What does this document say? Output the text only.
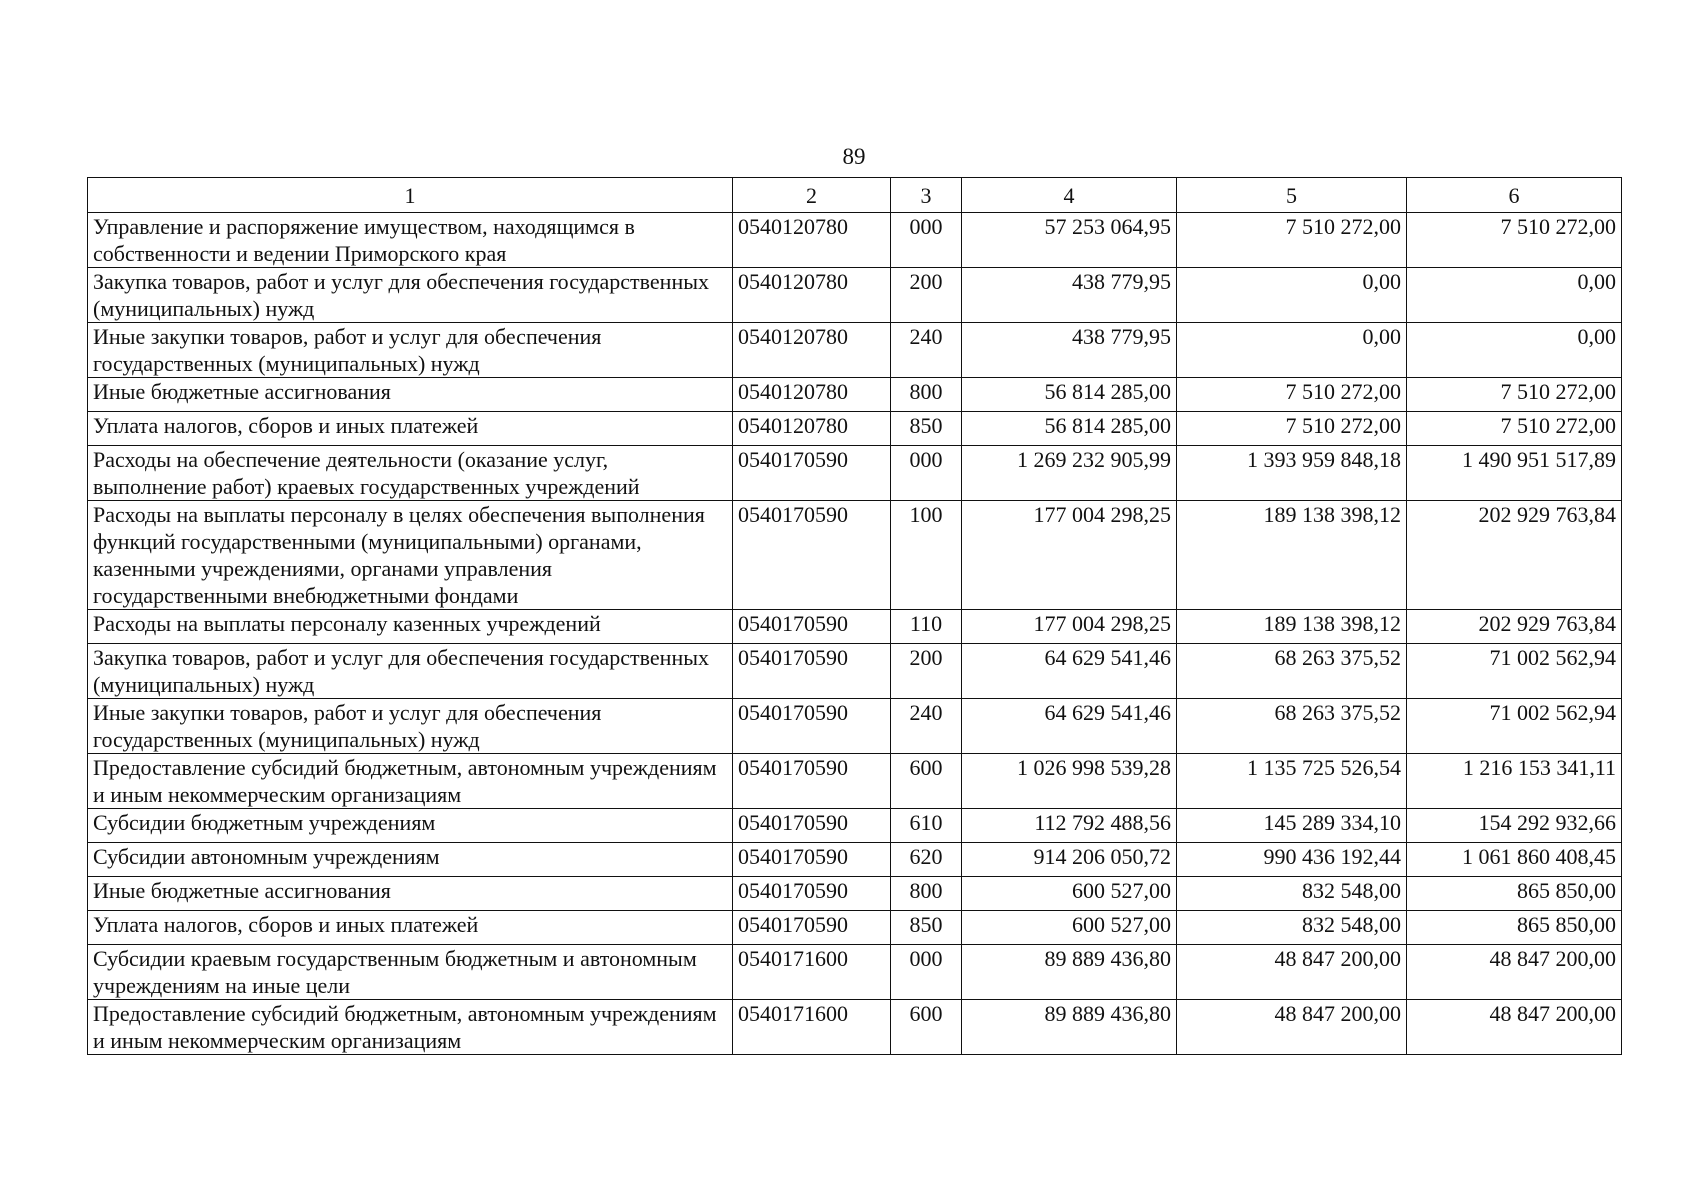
89
1	2	3	4	5	6
Управление и распоряжение имуществом, находящимся в собственности и ведении Приморского края	0540120780	000	57 253 064,95	7 510 272,00	7 510 272,00
Закупка товаров, работ и услуг для обеспечения государственных (муниципальных) нужд	0540120780	200	438 779,95	0,00	0,00
Иные закупки товаров, работ и услуг для обеспечения государственных (муниципальных) нужд	0540120780	240	438 779,95	0,00	0,00
Иные бюджетные ассигнования	0540120780	800	56 814 285,00	7 510 272,00	7 510 272,00
Уплата налогов, сборов и иных платежей	0540120780	850	56 814 285,00	7 510 272,00	7 510 272,00
Расходы на обеспечение деятельности (оказание услуг, выполнение работ) краевых государственных учреждений	0540170590	000	1 269 232 905,99	1 393 959 848,18	1 490 951 517,89
Расходы на выплаты персоналу в целях обеспечения выполнения функций государственными (муниципальными) органами, казенными учреждениями, органами управления государственными внебюджетными фондами	0540170590	100	177 004 298,25	189 138 398,12	202 929 763,84
Расходы на выплаты персоналу казенных учреждений	0540170590	110	177 004 298,25	189 138 398,12	202 929 763,84
Закупка товаров, работ и услуг для обеспечения государственных (муниципальных) нужд	0540170590	200	64 629 541,46	68 263 375,52	71 002 562,94
Иные закупки товаров, работ и услуг для обеспечения государственных (муниципальных) нужд	0540170590	240	64 629 541,46	68 263 375,52	71 002 562,94
Предоставление субсидий бюджетным, автономным учреждениям и иным некоммерческим организациям	0540170590	600	1 026 998 539,28	1 135 725 526,54	1 216 153 341,11
Субсидии бюджетным учреждениям	0540170590	610	112 792 488,56	145 289 334,10	154 292 932,66
Субсидии автономным учреждениям	0540170590	620	914 206 050,72	990 436 192,44	1 061 860 408,45
Иные бюджетные ассигнования	0540170590	800	600 527,00	832 548,00	865 850,00
Уплата налогов, сборов и иных платежей	0540170590	850	600 527,00	832 548,00	865 850,00
Субсидии краевым государственным бюджетным и автономным учреждениям на иные цели	0540171600	000	89 889 436,80	48 847 200,00	48 847 200,00
Предоставление субсидий бюджетным, автономным учреждениям и иным некоммерческим организациям	0540171600	600	89 889 436,80	48 847 200,00	48 847 200,00
